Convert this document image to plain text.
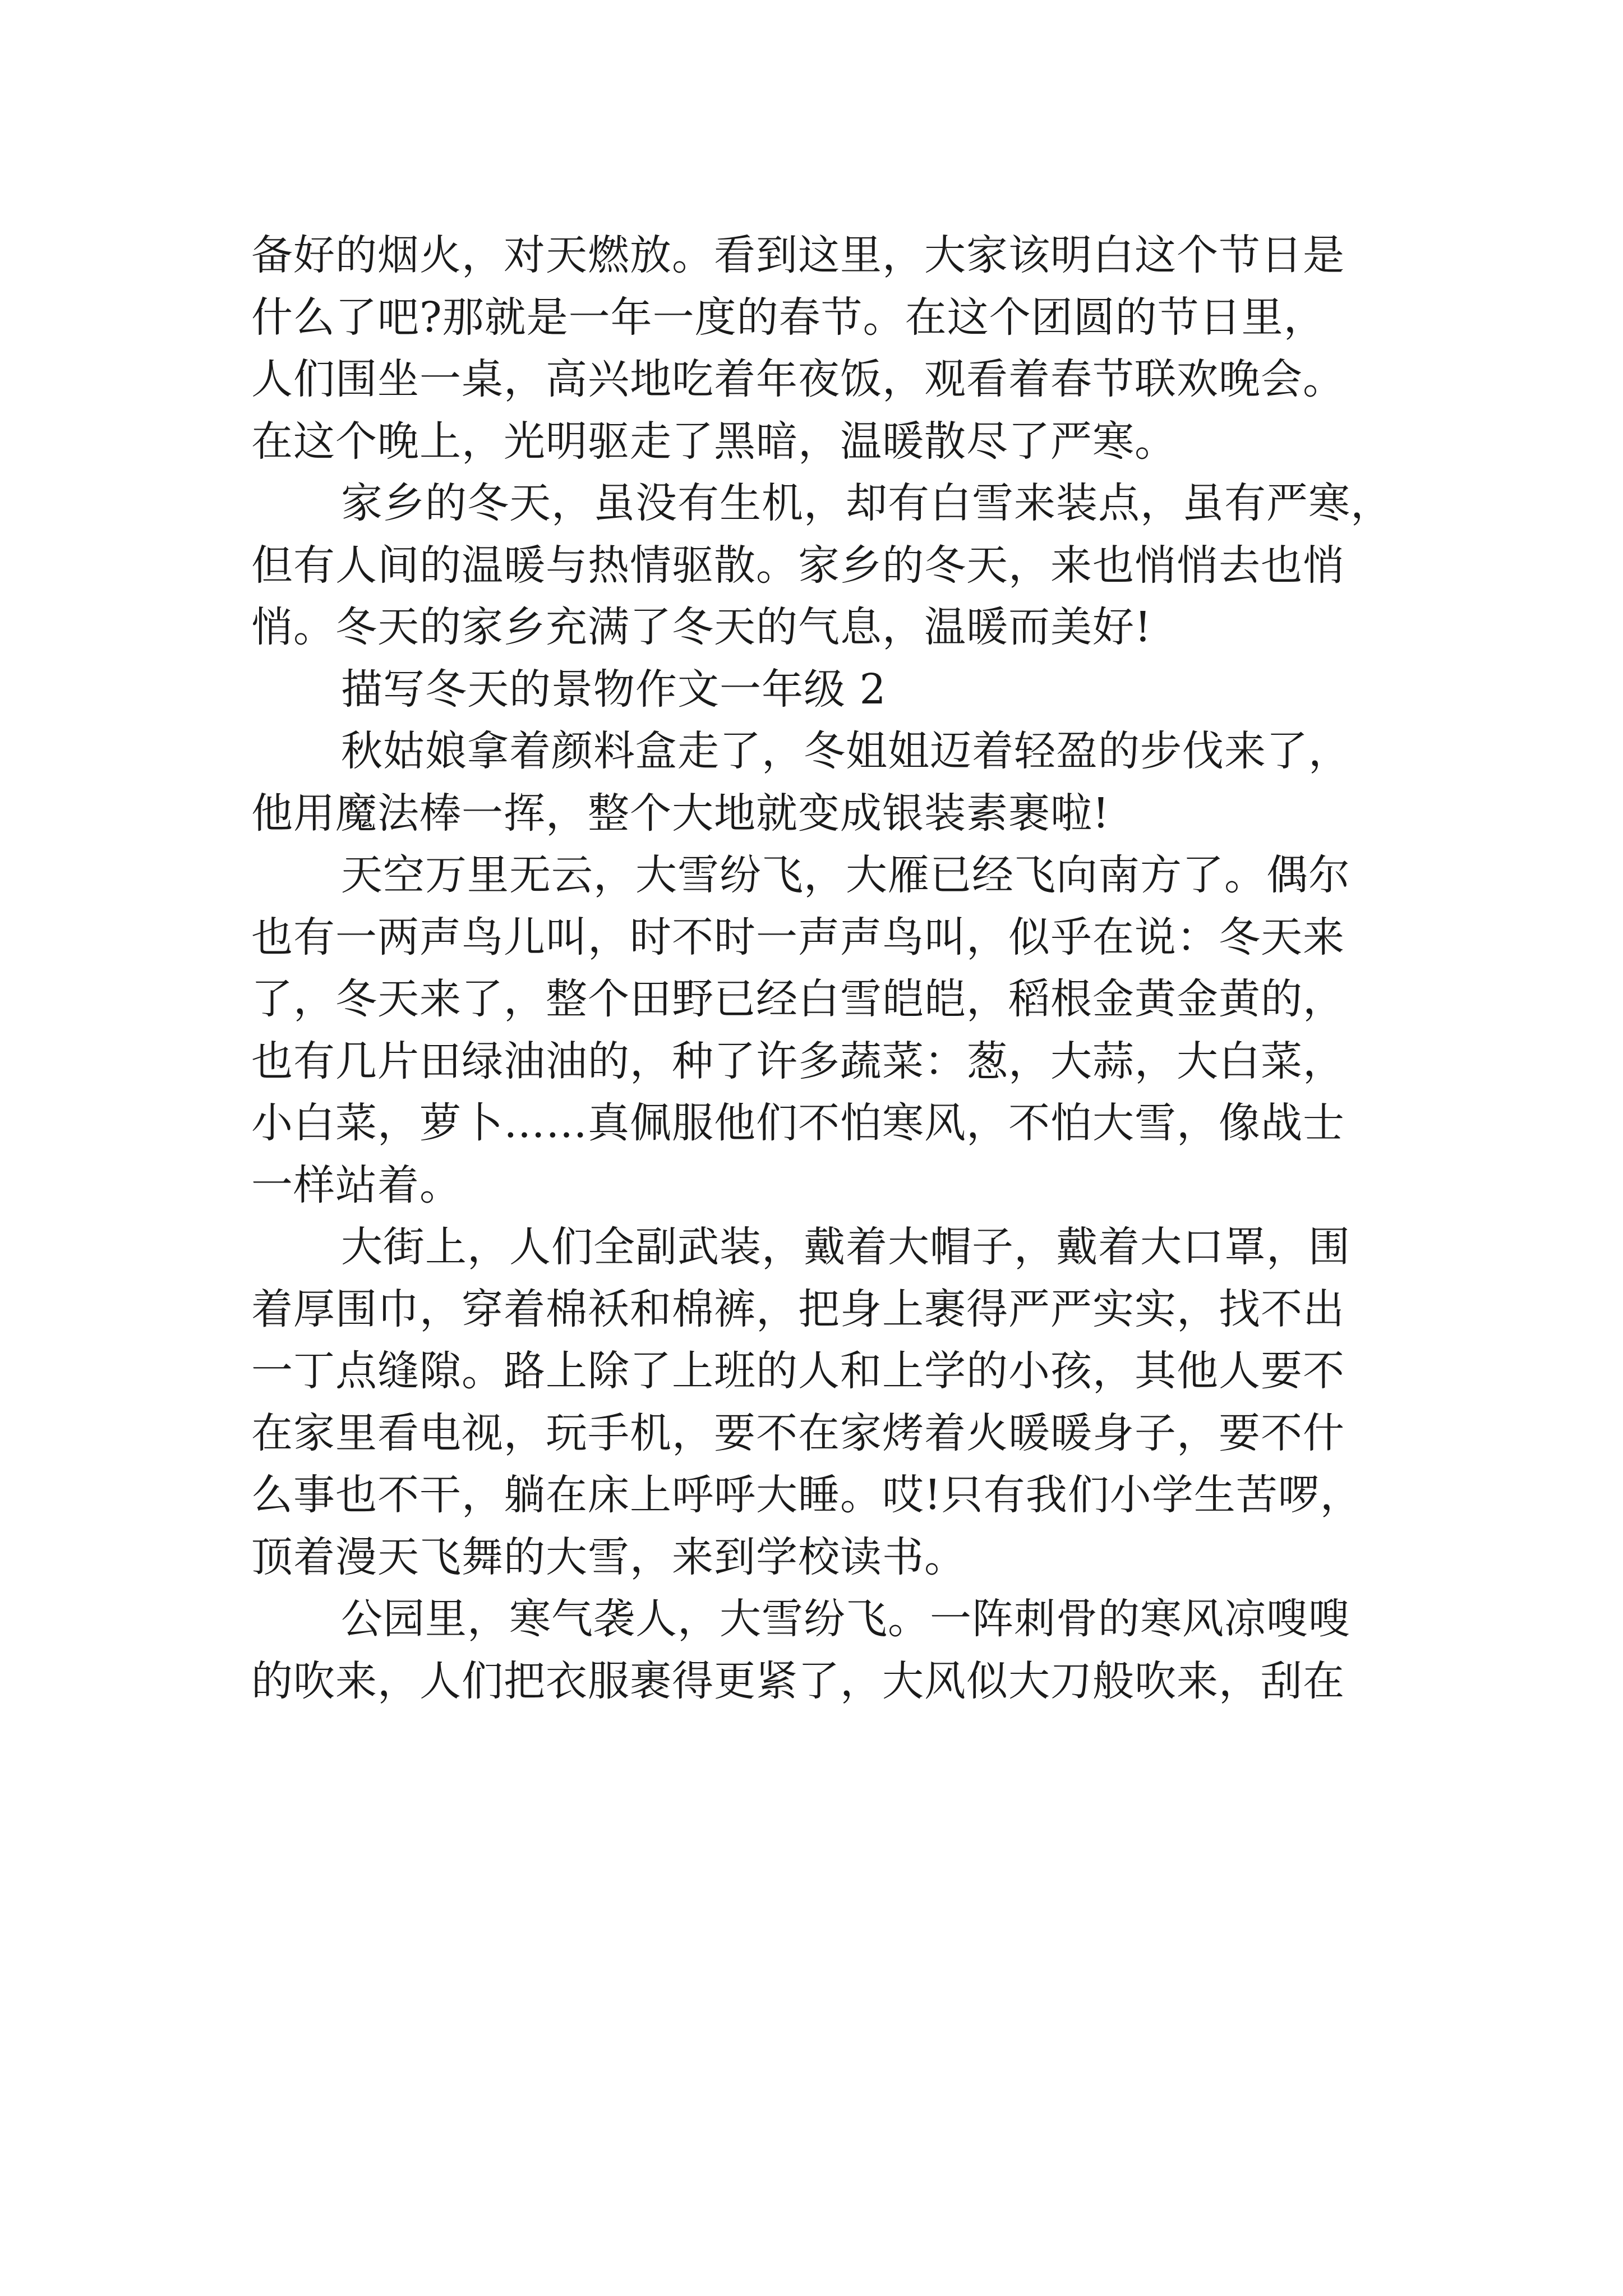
备好的烟火，对天燃放。看到这里，大家该明白这个节日是
什么了吧?那就是一年一度的春节。在这个团圆的节日里，
人们围坐一桌，高兴地吃着年夜饭，观看着春节联欢晚会。
在这个晚上，光明驱走了黑暗，温暖散尽了严寒。
家乡的冬天，虽没有生机，却有白雪来装点，虽有严寒，
但有人间的温暖与热情驱散。家乡的冬天，来也悄悄去也悄
悄。冬天的家乡充满了冬天的气息，温暖而美好!
描写冬天的景物作文一年级 2
秋姑娘拿着颜料盒走了，冬姐姐迈着轻盈的步伐来了，
他用魔法棒一挥，整个大地就变成银装素裹啦!
天空万里无云，大雪纷飞，大雁已经飞向南方了。偶尔
也有一两声鸟儿叫，时不时一声声鸟叫，似乎在说：冬天来
了，冬天来了，整个田野已经白雪皑皑，稻根金黄金黄的，
也有几片田绿油油的，种了许多蔬菜：葱，大蒜，大白菜，
小白菜，萝卜……真佩服他们不怕寒风，不怕大雪，像战士
一样站着。
大街上，人们全副武装，戴着大帽子，戴着大口罩，围
着厚围巾，穿着棉袄和棉裤，把身上裹得严严实实，找不出
一丁点缝隙。路上除了上班的人和上学的小孩，其他人要不
在家里看电视，玩手机，要不在家烤着火暖暖身子，要不什
么事也不干，躺在床上呼呼大睡。哎!只有我们小学生苦啰，
顶着漫天飞舞的大雪，来到学校读书。
公园里，寒气袭人，大雪纷飞。一阵刺骨的寒风凉嗖嗖
的吹来，人们把衣服裹得更紧了，大风似大刀般吹来，刮在
